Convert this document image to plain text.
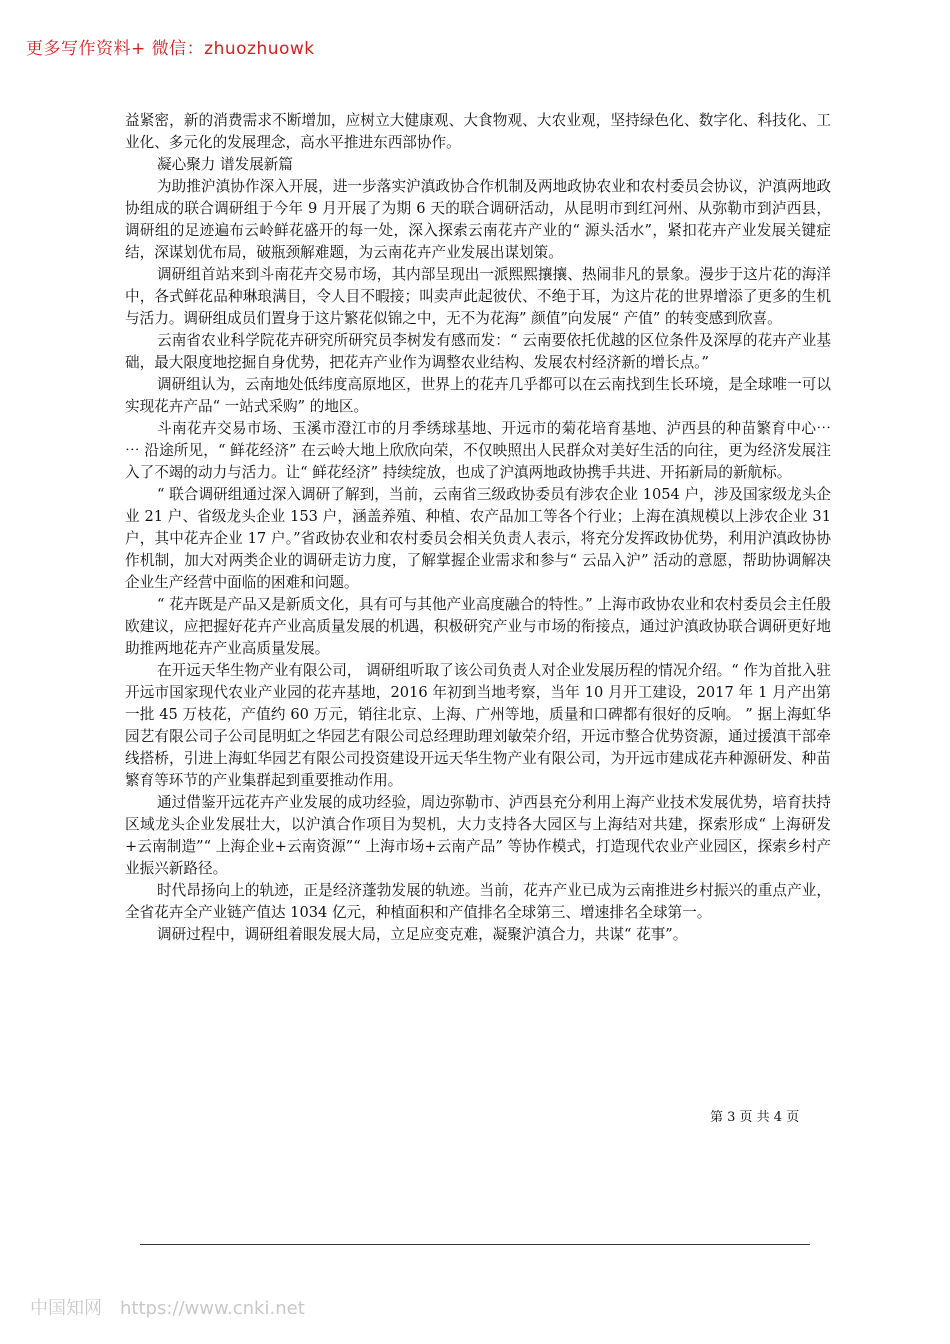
更多写作资料+ 微信：zhuozhuowk

益紧密，新的消费需求不断增加，应树立大健康观、大食物观、大农业观，坚持绿色化、数字化、科技化、工业化、多元化的发展理念，高水平推进东西部协作。

凝心聚力 谱发展新篇

为助推沪滇协作深入开展，进一步落实沪滇政协合作机制及两地政协农业和农村委员会协议，沪滇两地政协组成的联合调研组于今年 9 月开展了为期 6 天的联合调研活动，从昆明市到红河州、从弥勒市到泸西县，调研组的足迹遍布云岭鲜花盛开的每一处，深入探索云南花卉产业的“ 源头活水”，紧扣花卉产业发展关键症结，深谋划优布局，破瓶颈解难题，为云南花卉产业发展出谋划策。

调研组首站来到斗南花卉交易市场，其内部呈现出一派熙熙攘攘、热闹非凡的景象。漫步于这片花的海洋中，各式鲜花品种琳琅满目，令人目不暇接；叫卖声此起彼伏、不绝于耳，为这片花的世界增添了更多的生机与活力。调研组成员们置身于这片繁花似锦之中，无不为花海” 颜值”向发展“ 产值” 的转变感到欣喜。

云南省农业科学院花卉研究所研究员李树发有感而发：“ 云南要依托优越的区位条件及深厚的花卉产业基础，最大限度地挖掘自身优势，把花卉产业作为调整农业结构、发展农村经济新的增长点。”

调研组认为，云南地处低纬度高原地区，世界上的花卉几乎都可以在云南找到生长环境，是全球唯一可以实现花卉产品“ 一站式采购” 的地区。

斗南花卉交易市场、玉溪市澄江市的月季绣球基地、开远市的菊花培育基地、泸西县的种苗繁育中心⋯ ⋯ 沿途所见，“ 鲜花经济” 在云岭大地上欣欣向荣，不仅映照出人民群众对美好生活的向往，更为经济发展注入了不竭的动力与活力。让“ 鲜花经济” 持续绽放，也成了沪滇两地政协携手共进、开拓新局的新航标。

“ 联合调研组通过深入调研了解到，当前，云南省三级政协委员有涉农企业 1054 户，涉及国家级龙头企业 21 户、省级龙头企业 153 户，涵盖养殖、种植、农产品加工等各个行业；上海在滇规模以上涉农企业 31 户，其中花卉企业 17 户。”省政协农业和农村委员会相关负责人表示，将充分发挥政协优势，利用沪滇政协协作机制，加大对两类企业的调研走访力度，了解掌握企业需求和参与“ 云品入沪” 活动的意愿，帮助协调解决企业生产经营中面临的困难和问题。

“ 花卉既是产品又是新质文化，具有可与其他产业高度融合的特性。” 上海市政协农业和农村委员会主任殷欧建议，应把握好花卉产业高质量发展的机遇，积极研究产业与市场的衔接点，通过沪滇政协联合调研更好地助推两地花卉产业高质量发展。

在开远天华生物产业有限公司， 调研组听取了该公司负责人对企业发展历程的情况介绍。“ 作为首批入驻开远市国家现代农业产业园的花卉基地，2016 年初到当地考察，当年 10 月开工建设，2017 年 1 月产出第一批 45 万枝花，产值约 60 万元，销往北京、上海、广州等地，质量和口碑都有很好的反响。 ” 据上海虹华园艺有限公司子公司昆明虹之华园艺有限公司总经理助理刘敏荣介绍，开远市整合优势资源，通过援滇干部牵线搭桥，引进上海虹华园艺有限公司投资建设开远天华生物产业有限公司，为开远市建成花卉种源研发、种苗繁育等环节的产业集群起到重要推动作用。

通过借鉴开远花卉产业发展的成功经验，周边弥勒市、泸西县充分利用上海产业技术发展优势，培育扶持区域龙头企业发展壮大，以沪滇合作项目为契机，大力支持各大园区与上海结对共建，探索形成“ 上海研发+云南制造”“ 上海企业+云南资源”“ 上海市场+云南产品” 等协作模式，打造现代农业产业园区，探索乡村产业振兴新路径。

时代昂扬向上的轨迹，正是经济蓬勃发展的轨迹。当前，花卉产业已成为云南推进乡村振兴的重点产业，全省花卉全产业链产值达 1034 亿元，种植面积和产值排名全球第三、增速排名全球第一。

调研过程中，调研组着眼发展大局，立足应变克难，凝聚沪滇合力，共谋“ 花事”。

第 3 页 共 4 页
中国知网 https://www.cnki.net
